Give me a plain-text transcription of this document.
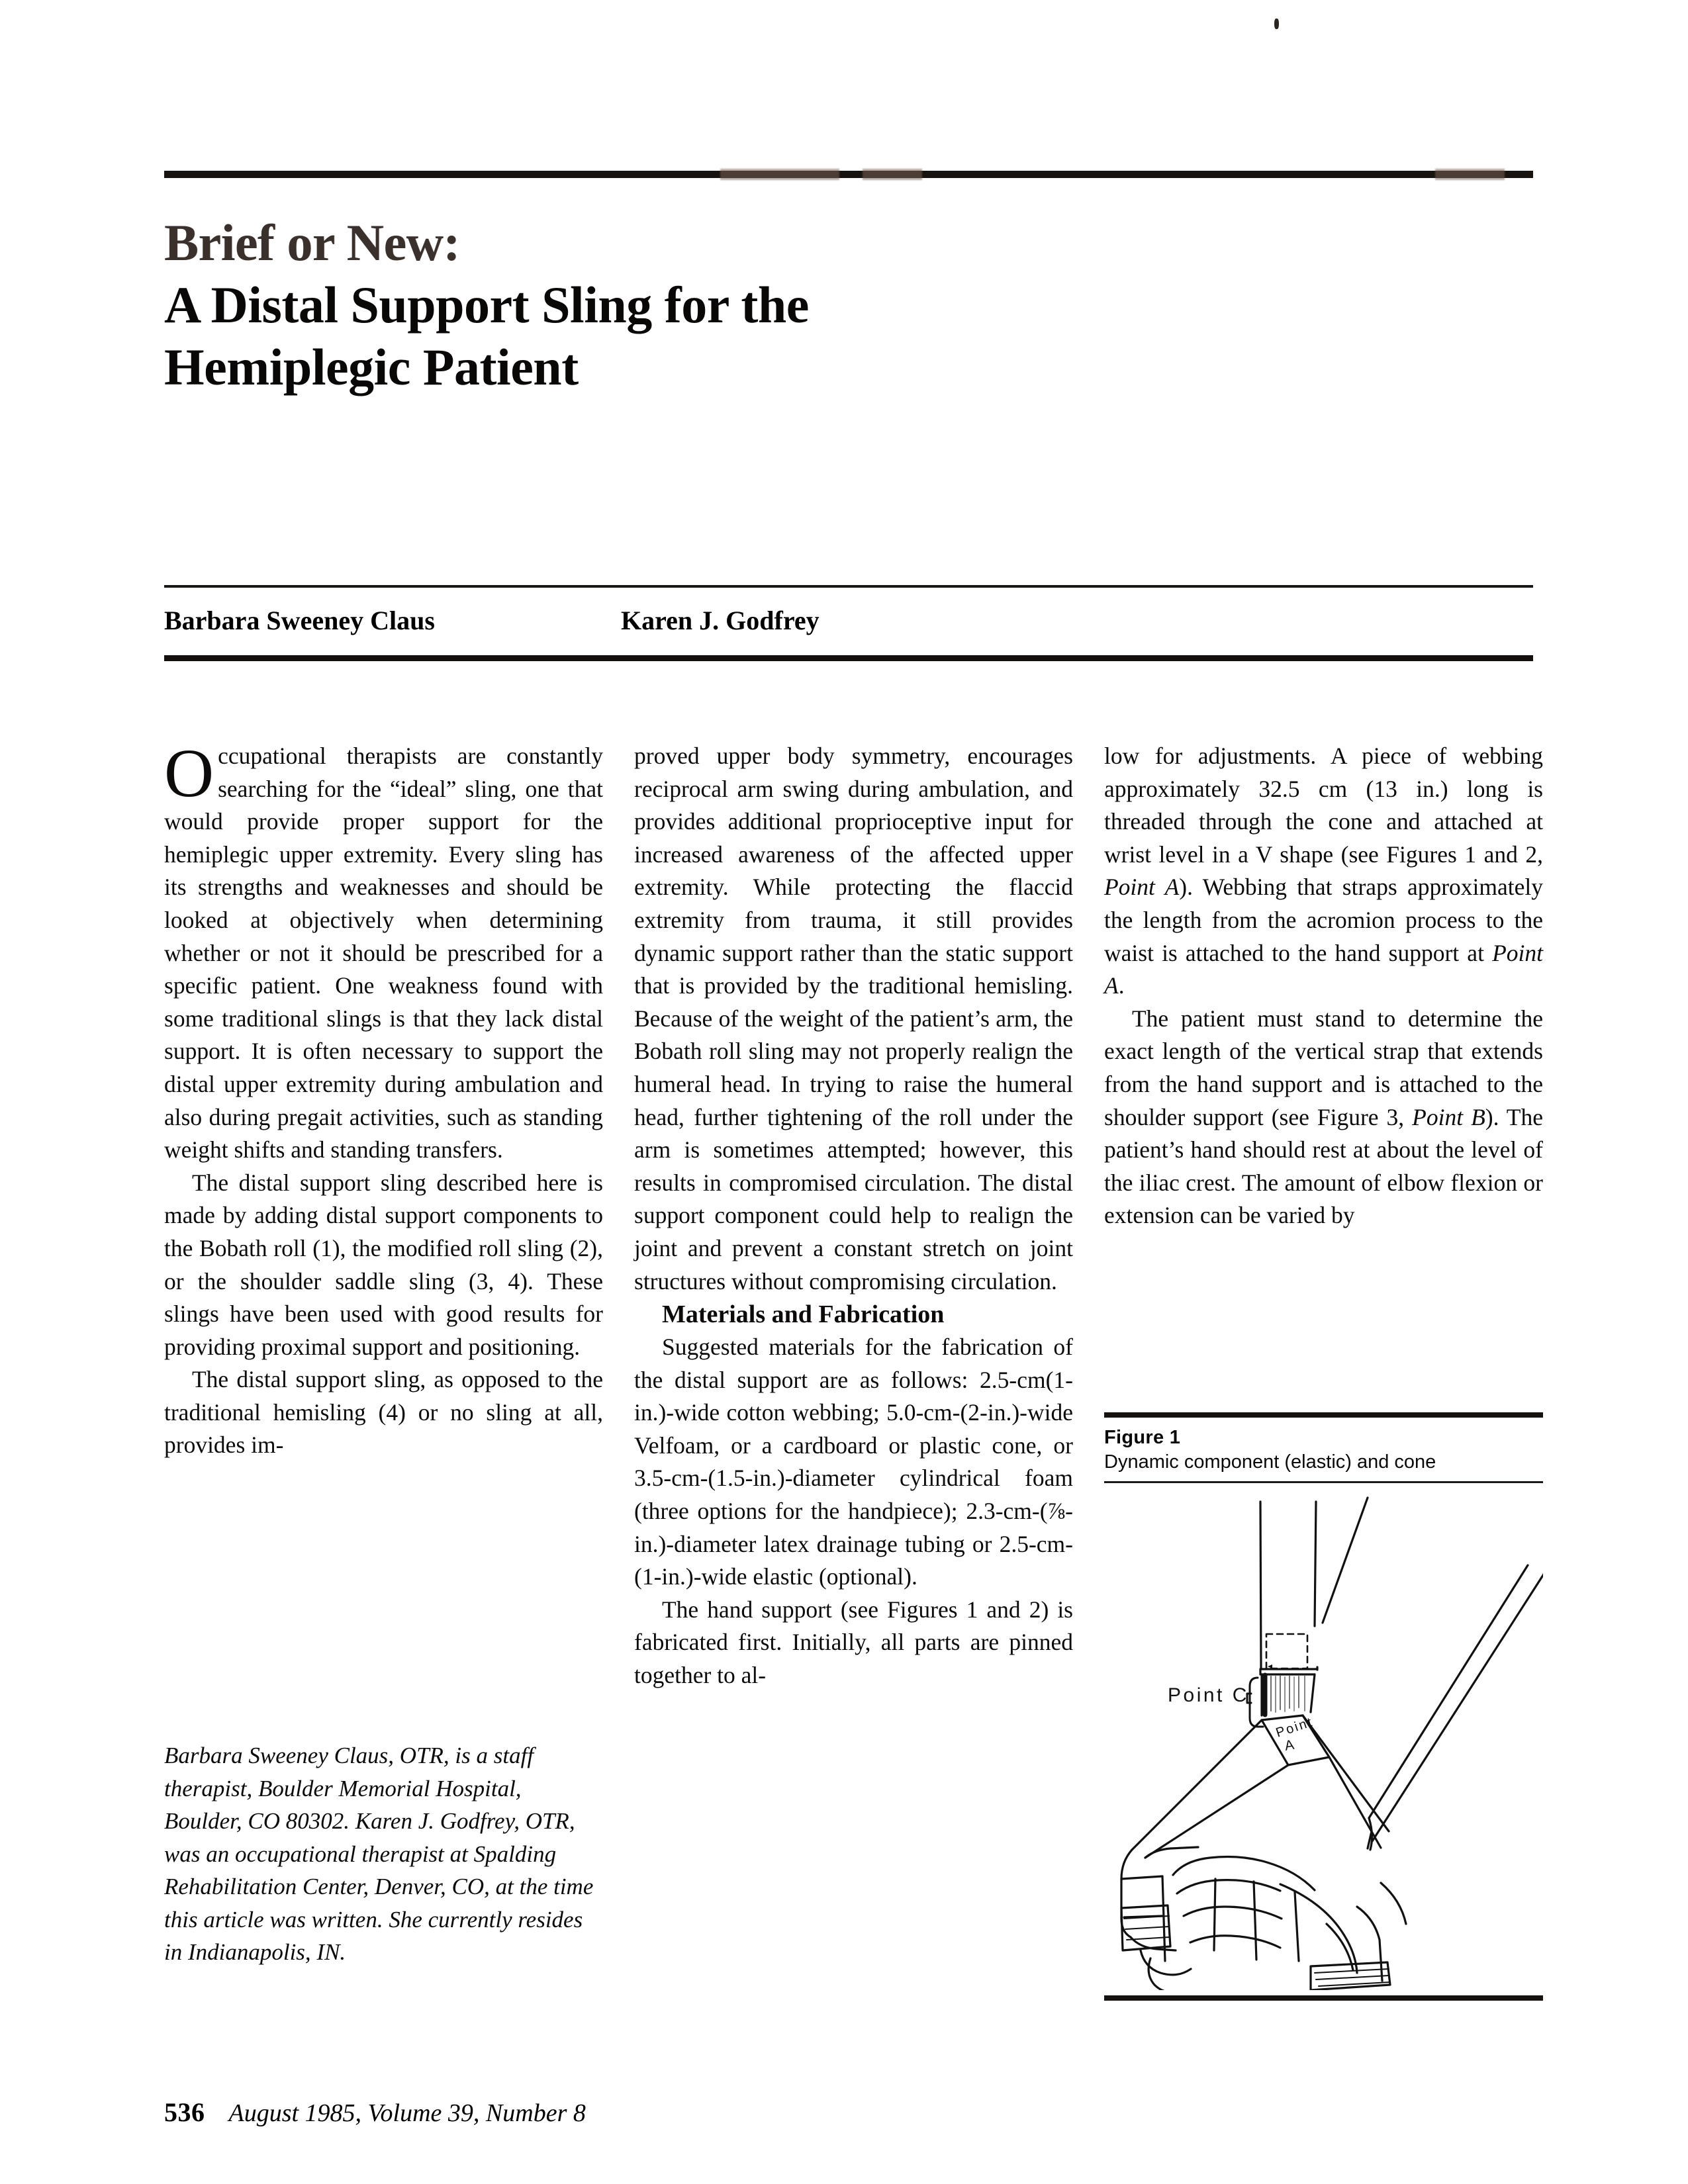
Brief or New:
A Distal Support Sling for the
Hemiplegic Patient
Barbara Sweeney Claus	Karen J. Godfrey

Occupational therapists are constantly searching for the “ideal” sling, one that would provide proper support for the hemiplegic upper extremity. Every sling has its strengths and weaknesses and should be looked at objectively when determining whether or not it should be prescribed for a specific patient. One weakness found with some traditional slings is that they lack distal support. It is often necessary to support the distal upper extremity during ambulation and also during pregait activities, such as standing weight shifts and standing transfers.

The distal support sling described here is made by adding distal support components to the Bobath roll (1), the modified roll sling (2), or the shoulder saddle sling (3, 4). These slings have been used with good results for providing proximal support and positioning.

The distal support sling, as opposed to the traditional hemisling (4) or no sling at all, provides im-

Barbara Sweeney Claus, OTR, is a staff therapist, Boulder Memorial Hospital, Boulder, CO 80302. Karen J. Godfrey, OTR, was an occupational therapist at Spalding Rehabilitation Center, Denver, CO, at the time this article was written. She currently resides in Indianapolis, IN.

proved upper body symmetry, encourages reciprocal arm swing during ambulation, and provides additional proprioceptive input for increased awareness of the affected upper extremity. While protecting the flaccid extremity from trauma, it still provides dynamic support rather than the static support that is provided by the traditional hemisling. Because of the weight of the patient’s arm, the Bobath roll sling may not properly realign the humeral head. In trying to raise the humeral head, further tightening of the roll under the arm is sometimes attempted; however, this results in compromised circulation. The distal support component could help to realign the joint and prevent a constant stretch on joint structures without compromising circulation.

Materials and Fabrication

Suggested materials for the fabrication of the distal support are as follows: 2.5-cm(1-in.)-wide cotton webbing; 5.0-cm-(2-in.)-wide Velfoam, or a cardboard or plastic cone, or 3.5-cm-(1.5-in.)-diameter cylindrical foam (three options for the handpiece); 2.3-cm-(⅞-in.)-diameter latex drainage tubing or 2.5-cm-(1-in.)-wide elastic (optional).

The hand support (see Figures 1 and 2) is fabricated first. Initially, all parts are pinned together to al-

low for adjustments. A piece of webbing approximately 32.5 cm (13 in.) long is threaded through the cone and attached at wrist level in a V shape (see Figures 1 and 2, Point A). Webbing that straps approximately the length from the acromion process to the waist is attached to the hand support at Point A.

The patient must stand to determine the exact length of the vertical strap that extends from the hand support and is attached to the shoulder support (see Figure 3, Point B). The patient’s hand should rest at about the level of the iliac crest. The amount of elbow flexion or extension can be varied by

Figure 1
Dynamic component (elastic) and cone
Point C
Point
A
536 August 1985, Volume 39, Number 8
